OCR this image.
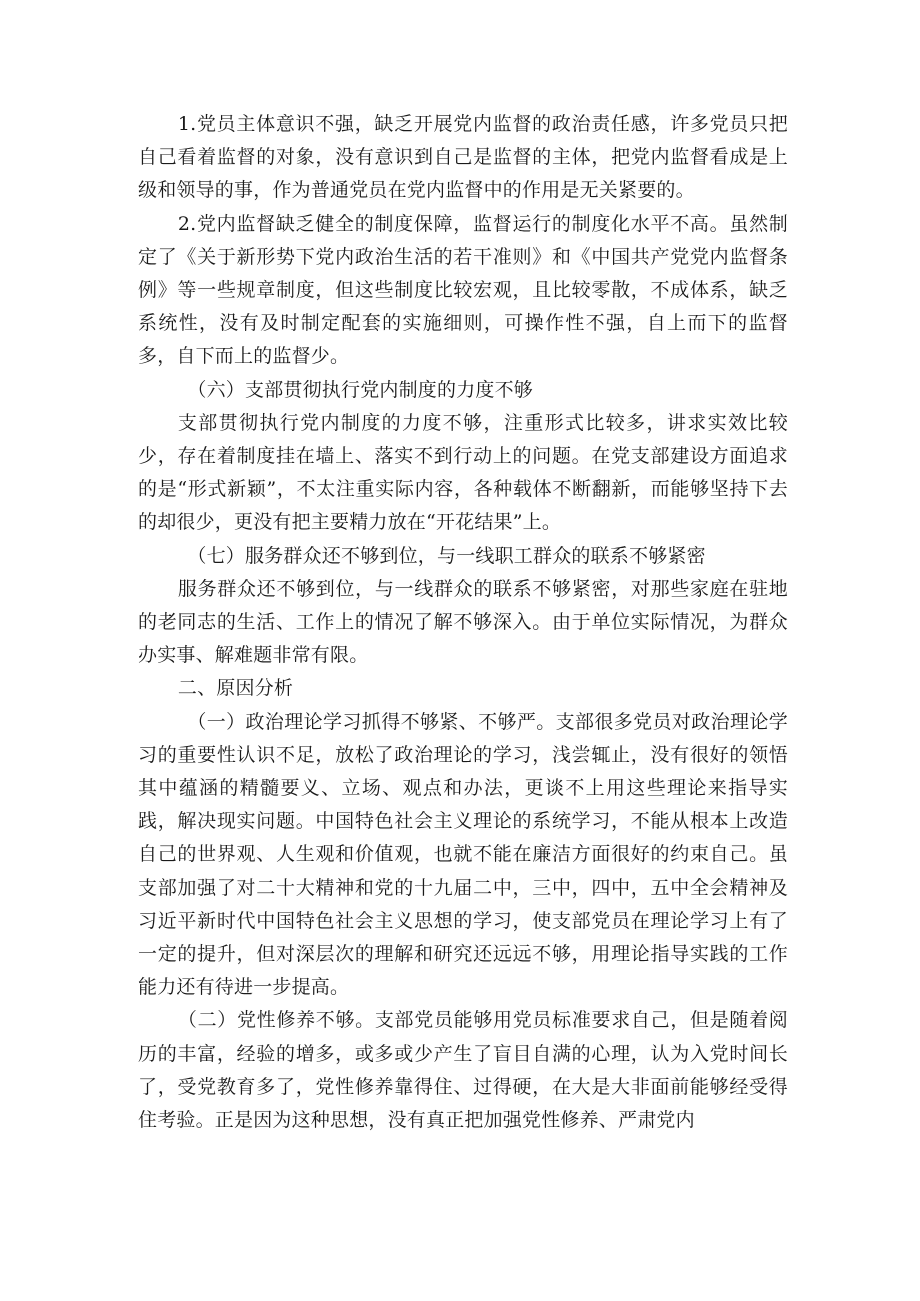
1.党员主体意识不强，缺乏开展党内监督的政治责任感，许多党员只把自己看着监督的对象，没有意识到自己是监督的主体，把党内监督看成是上级和领导的事，作为普通党员在党内监督中的作用是无关紧要的。

2.党内监督缺乏健全的制度保障，监督运行的制度化水平不高。虽然制定了《关于新形势下党内政治生活的若干准则》和《中国共产党党内监督条例》等一些规章制度，但这些制度比较宏观，且比较零散，不成体系，缺乏系统性，没有及时制定配套的实施细则，可操作性不强，自上而下的监督多，自下而上的监督少。

（六）支部贯彻执行党内制度的力度不够

支部贯彻执行党内制度的力度不够，注重形式比较多，讲求实效比较少，存在着制度挂在墙上、落实不到行动上的问题。在党支部建设方面追求的是“形式新颖”，不太注重实际内容，各种载体不断翻新，而能够坚持下去的却很少，更没有把主要精力放在“开花结果”上。

（七）服务群众还不够到位，与一线职工群众的联系不够紧密

服务群众还不够到位，与一线群众的联系不够紧密，对那些家庭在驻地的老同志的生活、工作上的情况了解不够深入。由于单位实际情况，为群众办实事、解难题非常有限。

二、原因分析

（一）政治理论学习抓得不够紧、不够严。支部很多党员对政治理论学习的重要性认识不足，放松了政治理论的学习，浅尝辄止，没有很好的领悟其中蕴涵的精髓要义、立场、观点和办法，更谈不上用这些理论来指导实践，解决现实问题。中国特色社会主义理论的系统学习，不能从根本上改造自己的世界观、人生观和价值观，也就不能在廉洁方面很好的约束自己。虽支部加强了对二十大精神和党的十九届二中，三中，四中，五中全会精神及习近平新时代中国特色社会主义思想的学习，使支部党员在理论学习上有了一定的提升，但对深层次的理解和研究还远远不够，用理论指导实践的工作能力还有待进一步提高。

（二）党性修养不够。支部党员能够用党员标准要求自己，但是随着阅历的丰富，经验的增多，或多或少产生了盲目自满的心理，认为入党时间长了，受党教育多了，党性修养靠得住、过得硬，在大是大非面前能够经受得住考验。正是因为这种思想，没有真正把加强党性修养、严肃党内
